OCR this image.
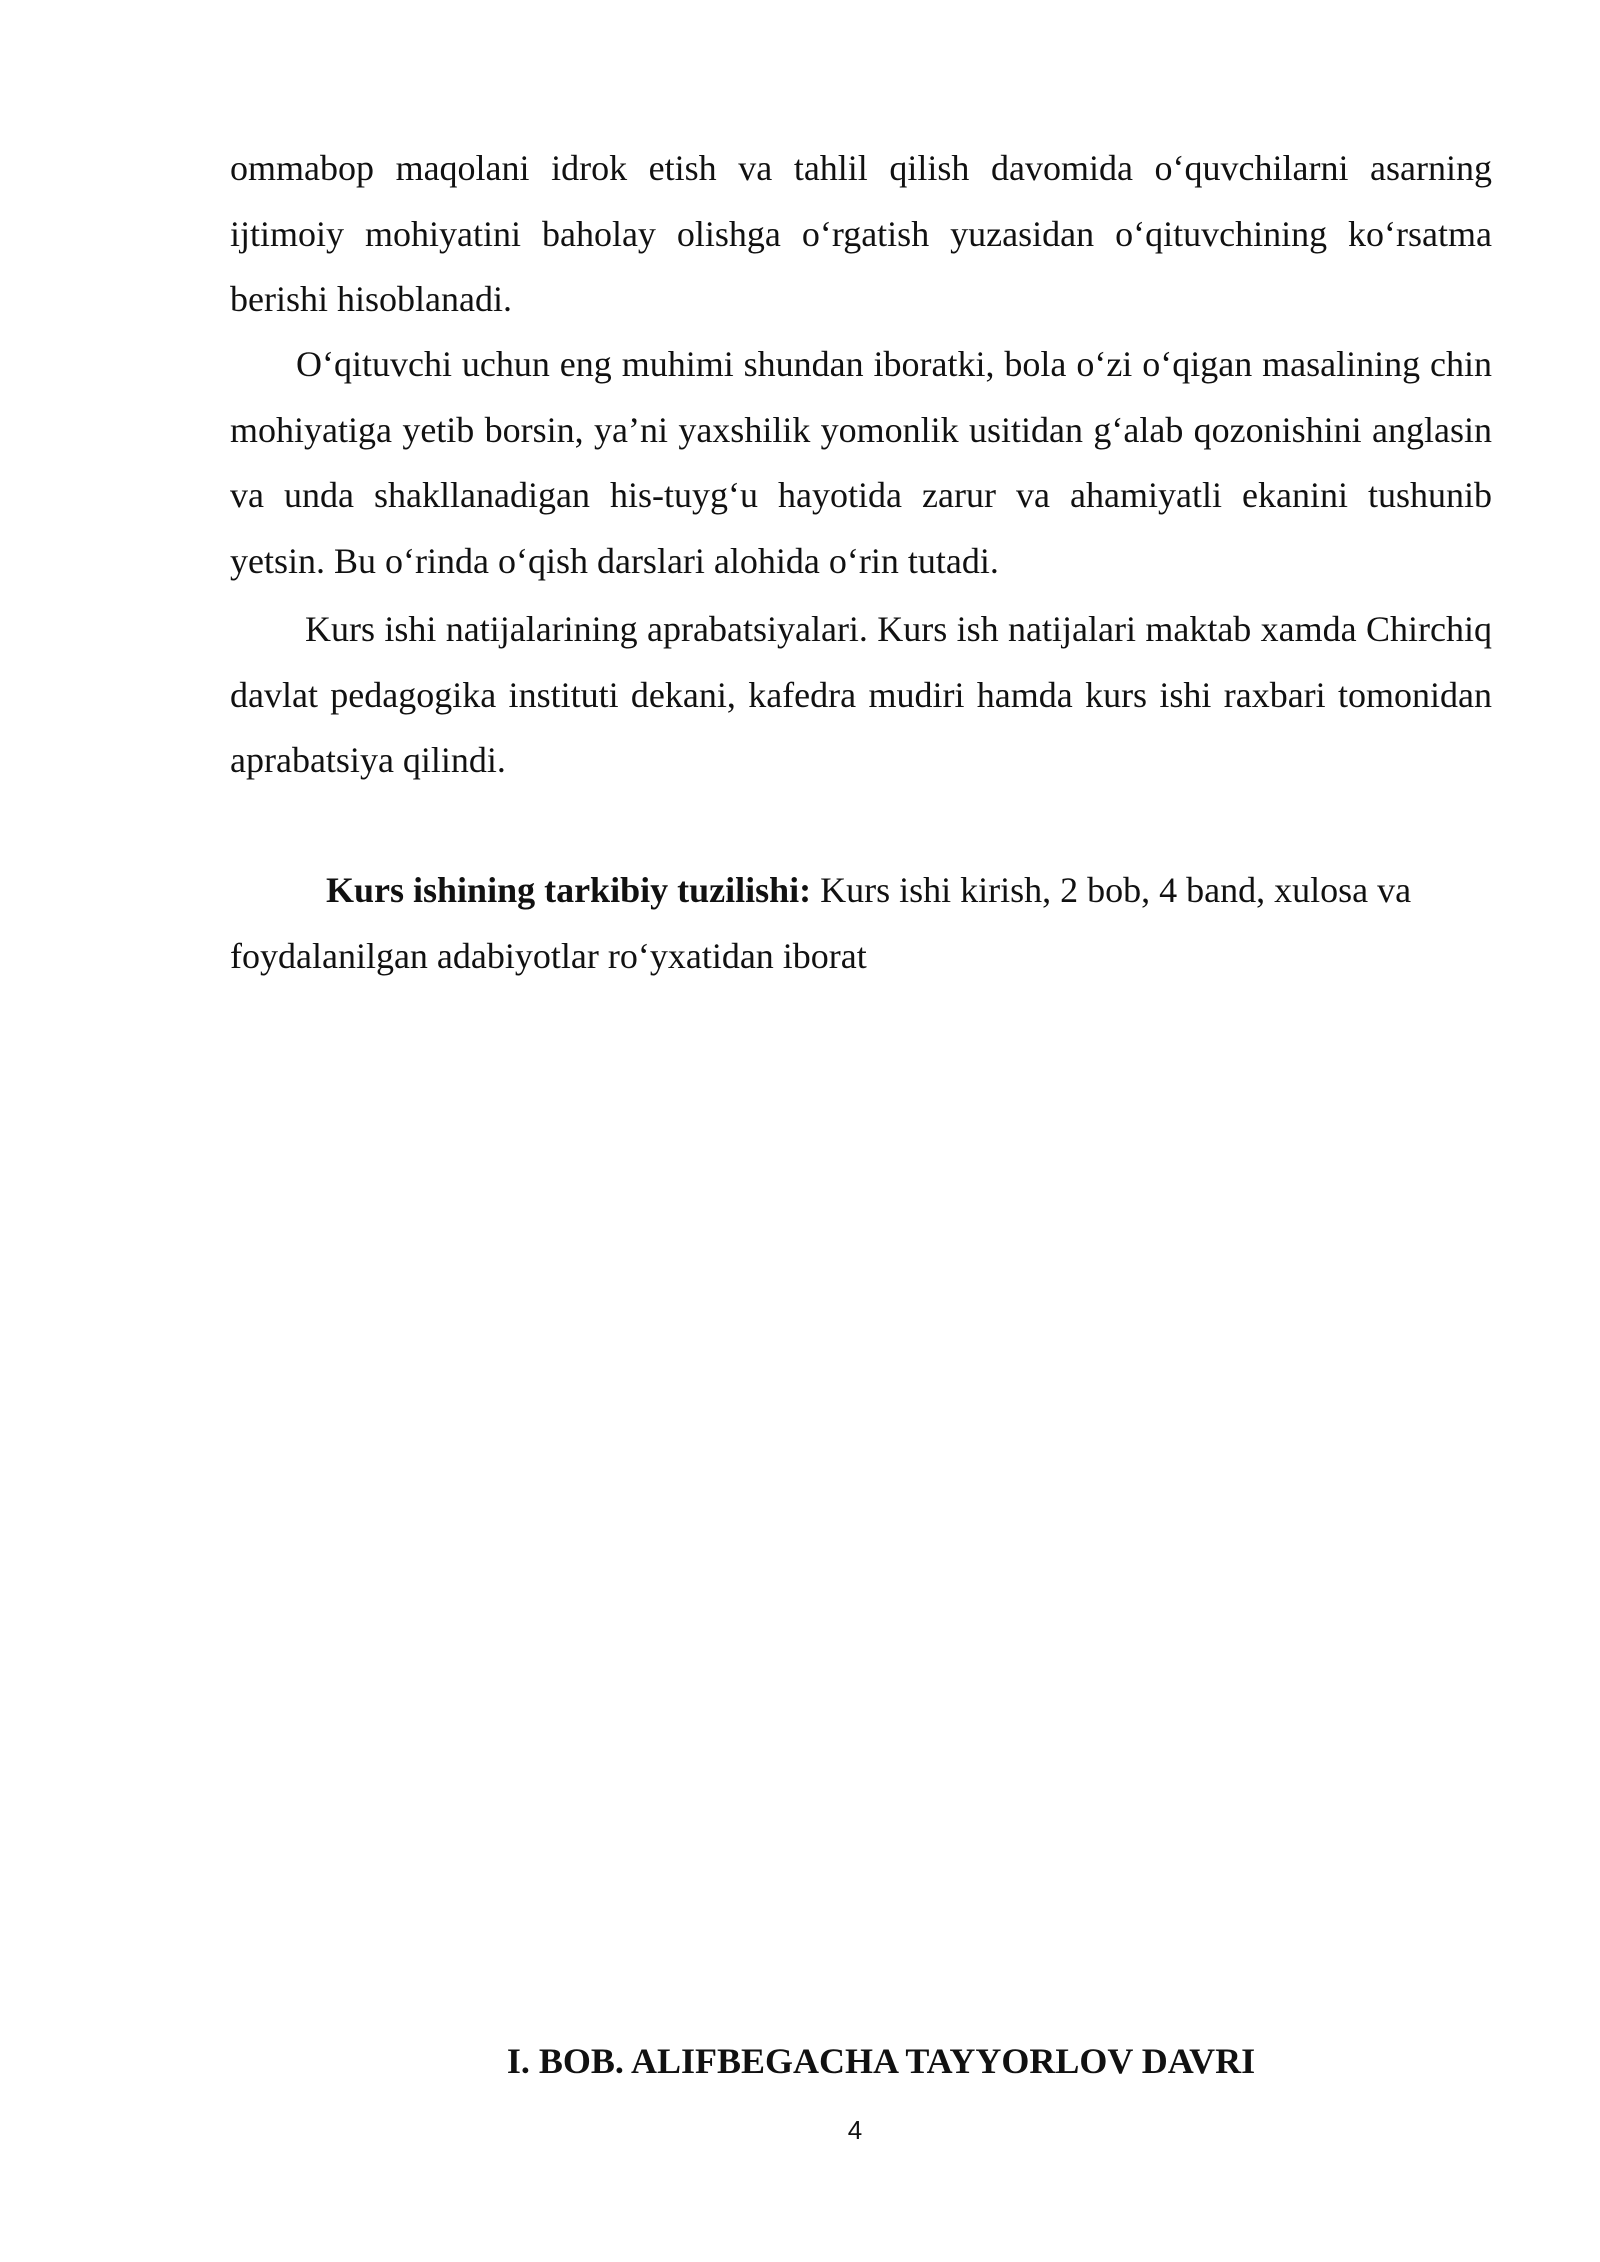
ommabop maqolani idrok etish va tahlil qilish davomida o‘quvchilarni asarning ijtimoiy mohiyatini baholay olishga o‘rgatish yuzasidan o‘qituvchining ko‘rsatma berishi hisoblanadi.

O‘qituvchi uchun eng muhimi shundan iboratki, bola o‘zi o‘qigan masalining chin mohiyatiga yetib borsin, ya’ni yaxshilik yomonlik usitidan g‘alab qozonishini anglasin va unda shakllanadigan his-tuyg‘u hayotida zarur va ahamiyatli ekanini tushunib yetsin. Bu o‘rinda o‘qish darslari alohida o‘rin tutadi.

Kurs ishi natijalarining aprabatsiyalari. Kurs ish natijalari maktab xamda Chirchiq davlat pedagogika instituti dekani, kafedra mudiri hamda kurs ishi raxbari tomonidan aprabatsiya qilindi.

Kurs ishining tarkibiy tuzilishi: Kurs ishi kirish, 2 bob, 4 band, xulosa va foydalanilgan adabiyotlar ro‘yxatidan iborat

I. BOB. ALIFBEGACHA TAYYORLOV DAVRI
4
